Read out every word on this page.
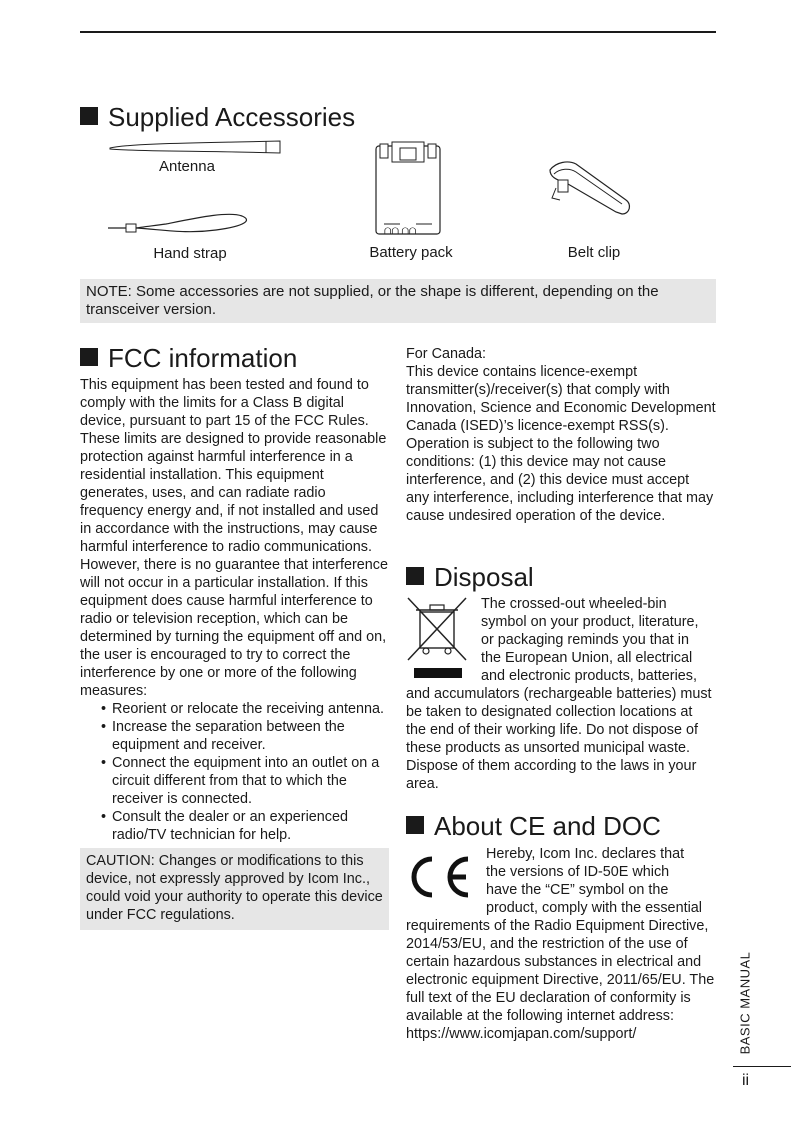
Supplied Accessories
Antenna
Hand strap
ᗝᗝ ᗝᗝ
Battery pack	Belt clip
NOTE: Some accessories are not supplied, or the shape is different, depending on the transceiver version.
FCC information

This equipment has been tested and found to comply with the limits for a Class B digital device, pursuant to part 15 of the FCC Rules. These limits are designed to provide reasonable protection against harmful interference in a residential installation. This equipment generates, uses, and can radiate radio frequency energy and, if not installed and used in accordance with the instructions, may cause harmful interference to radio communications. However, there is no guarantee that interference will not occur in a particular installation. If this equipment does cause harmful interference to radio or television reception, which can be determined by turning the equipment off and on, the user is encouraged to try to correct the interference by one or more of the following measures:

• Reorient or relocate the receiving antenna.
• Increase the separation between the equipment and receiver.
• Connect the equipment into an outlet on a circuit different from that to which the receiver is connected.
• Consult the dealer or an experienced radio/TV technician for help.
CAUTION: Changes or modifications to this device, not expressly approved by Icom Inc., could void your authority to operate this device under FCC regulations.

For Canada:

This device contains licence-exempt transmitter(s)/receiver(s) that comply with Innovation, Science and Economic Development Canada (ISED)’s licence-exempt RSS(s). Operation is subject to the following two conditions: (1) this device may not cause interference, and (2) this device must accept any interference, including interference that may cause undesired operation of the device.

Disposal

The crossed-out wheeled-bin

symbol on your product, literature,

or packaging reminds you that in

the European Union, all electrical

and electronic products, batteries,

and accumulators (rechargeable batteries) must be taken to designated collection locations at the end of their working life. Do not dispose of these products as unsorted municipal waste. Dispose of them according to the laws in your area.
About CE and DOC

Hereby, Icom Inc. declares that

the versions of ID-50E which

have the “CE” symbol on the

product, comply with the essential

requirements of the Radio Equipment Directive, 2014/53/EU, and the restriction of the use of certain hazardous substances in electrical and electronic equipment Directive, 2011/65/EU. The full text of the EU declaration of conformity is available at the following internet address: https://www.icomjapan.com/support/	BASIC MANUAL
ii
